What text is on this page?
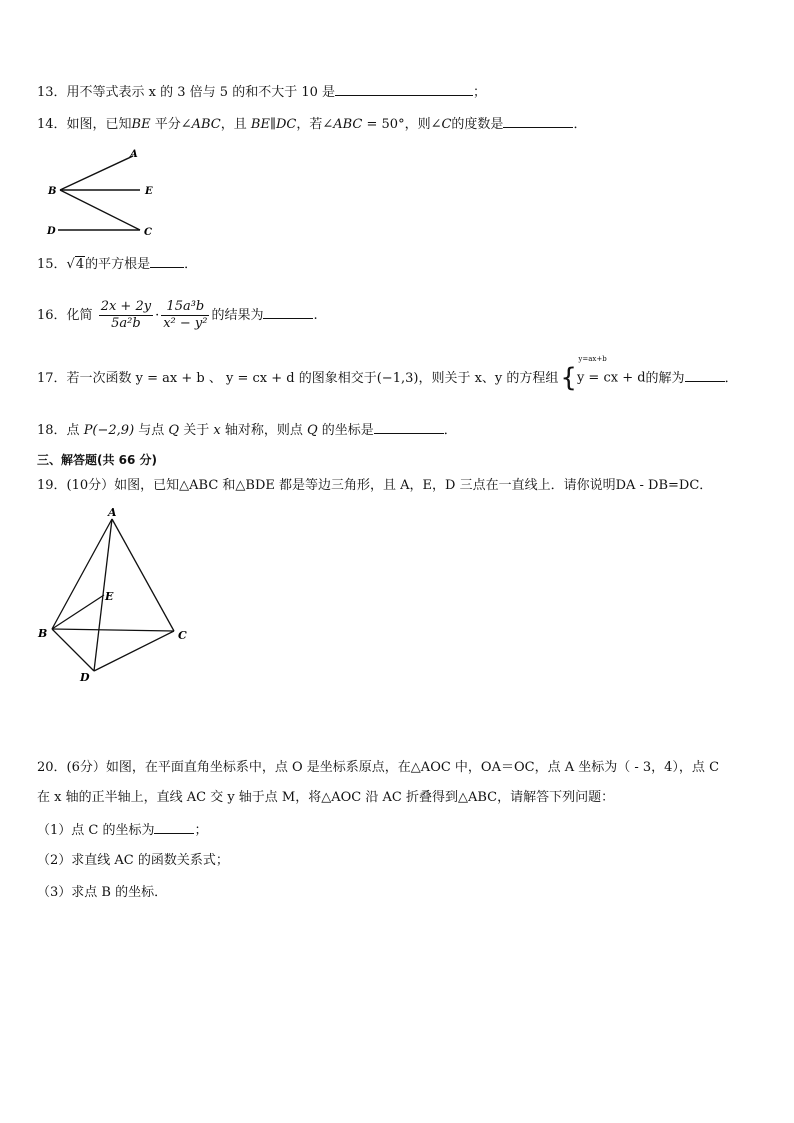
13．用不等式表示 x 的 3 倍与 5 的和不大于 10 是	；
14．如图，已知BE 平分∠ABC，且 BE∥DC，若∠ABC = 50°，则∠C的度数是	．
A
B	E
D	C
15．√4的平方根是	．
16．化简 $\frac{2x + 2y}{\text{5a²b}} \cdot \frac{\text{15a³b}}{\text{x² − y²}}$ 的结果为	.
17．若一次函数 y = ax + b 、 y = cx + d 的图象相交于(−1,3)，则关于 x、y 的方程组{
y=ax+b
y = cx + d的解为	．
18．点 P(−2,9) 与点 Q 关于 x 轴对称，则点 Q 的坐标是	．
三、解答题(共 66 分)
19．(10分）如图，已知△ABC 和△BDE 都是等边三角形，且 A，E，D 三点在一直线上．请你说明DA - DB=DC．
A
E
B	C
D
20．(6分）如图，在平面直角坐标系中，点 O 是坐标系原点，在△AOC 中，OA＝OC，点 A 坐标为（ - 3，4），点 C
在 x 轴的正半轴上，直线 AC 交 y 轴于点 M，将△AOC 沿 AC 折叠得到△ABC，请解答下列问题：
（1）点 C 的坐标为	；
（2）求直线 AC 的函数关系式；
（3）求点 B 的坐标．
